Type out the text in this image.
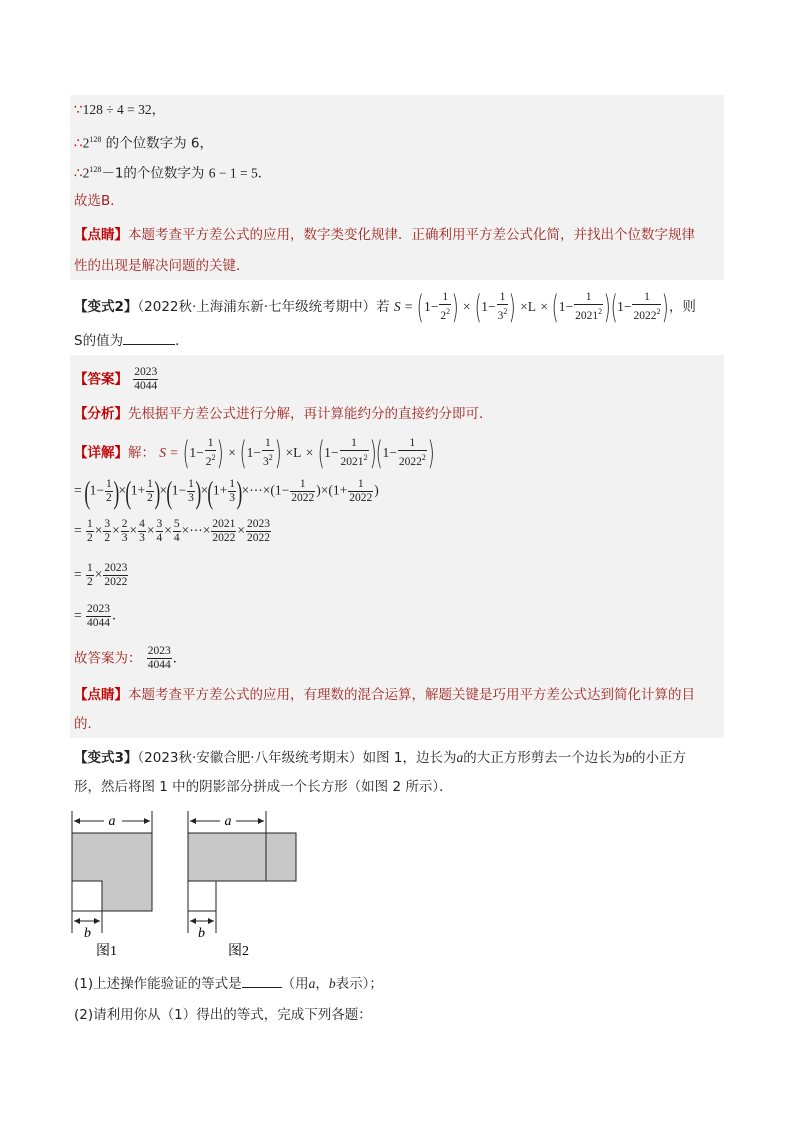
∵128 ÷ 4 = 32，
$\therefore 2^{128}$ 的个位数字为 6，
$\therefore 2^{128}-1$的个位数字为 6 − 1 = 5．
故选B．
【点睛】本题考查平方差公式的应用，数字类变化规律．正确利用平方差公式化简，并找出个位数字规律
性的出现是解决问题的关键．
【变式2】（2022秋·上海浦东新·七年级统考期中）若 $S = (1- \frac{1}{2^2}$ ) × ($1- \frac{1}{3^2}$ ) $\times L \times (1- \frac{1}{2021^2} )(1- \frac{1}{2022^2}$ )，则
S的值为	．
【答案】 $\frac{2023}{4044}$
【分析】先根据平方差公式进行分解，再计算能约分的直接约分即可．
【详解】解： $S = (1- \frac{1}{2^2}$ ) × ($1- \frac{1}{3^2}$ ) $\times L \times (1- \frac{1}{2021^2} )(1- \frac{1}{2022^2}$ )
= $(1- \frac{1}{2} )\times(1+ \frac{1}{2} )\times(1- \frac{1}{3} )\times(1+ \frac{1}{3}$ )×⋯×(1− $\frac{1}{2022} )\times(1+ \frac{1}{2022}$ )
= $\frac{1}{2} \times \frac{3}{2} \times \frac{2}{3} \times \frac{4}{3} \times \frac{3}{4} \times \frac{5}{4}$ ×⋯× $\frac{2021}{2022} \times \frac{2023}{2022}$
= $\frac{1}{2} \times \frac{2023}{2022}$
= $\frac{2023}{4044}$ ．
故答案为： $\frac{2023}{4044}$ ．
【点睛】本题考查平方差公式的应用，有理数的混合运算，解题关键是巧用平方差公式达到简化计算的目
的．
【变式3】（2023秋·安徽合肥·八年级统考期末）如图 1，边长为a的大正方形剪去一个边长为b的小正方
形，然后将图 1 中的阴影部分拼成一个长方形（如图 2 所示）．
a
b
图1
a
b
图2
(1)上述操作能验证的等式是	（用a，b表示）；
(2)请利用你从（1）得出的等式，完成下列各题：
